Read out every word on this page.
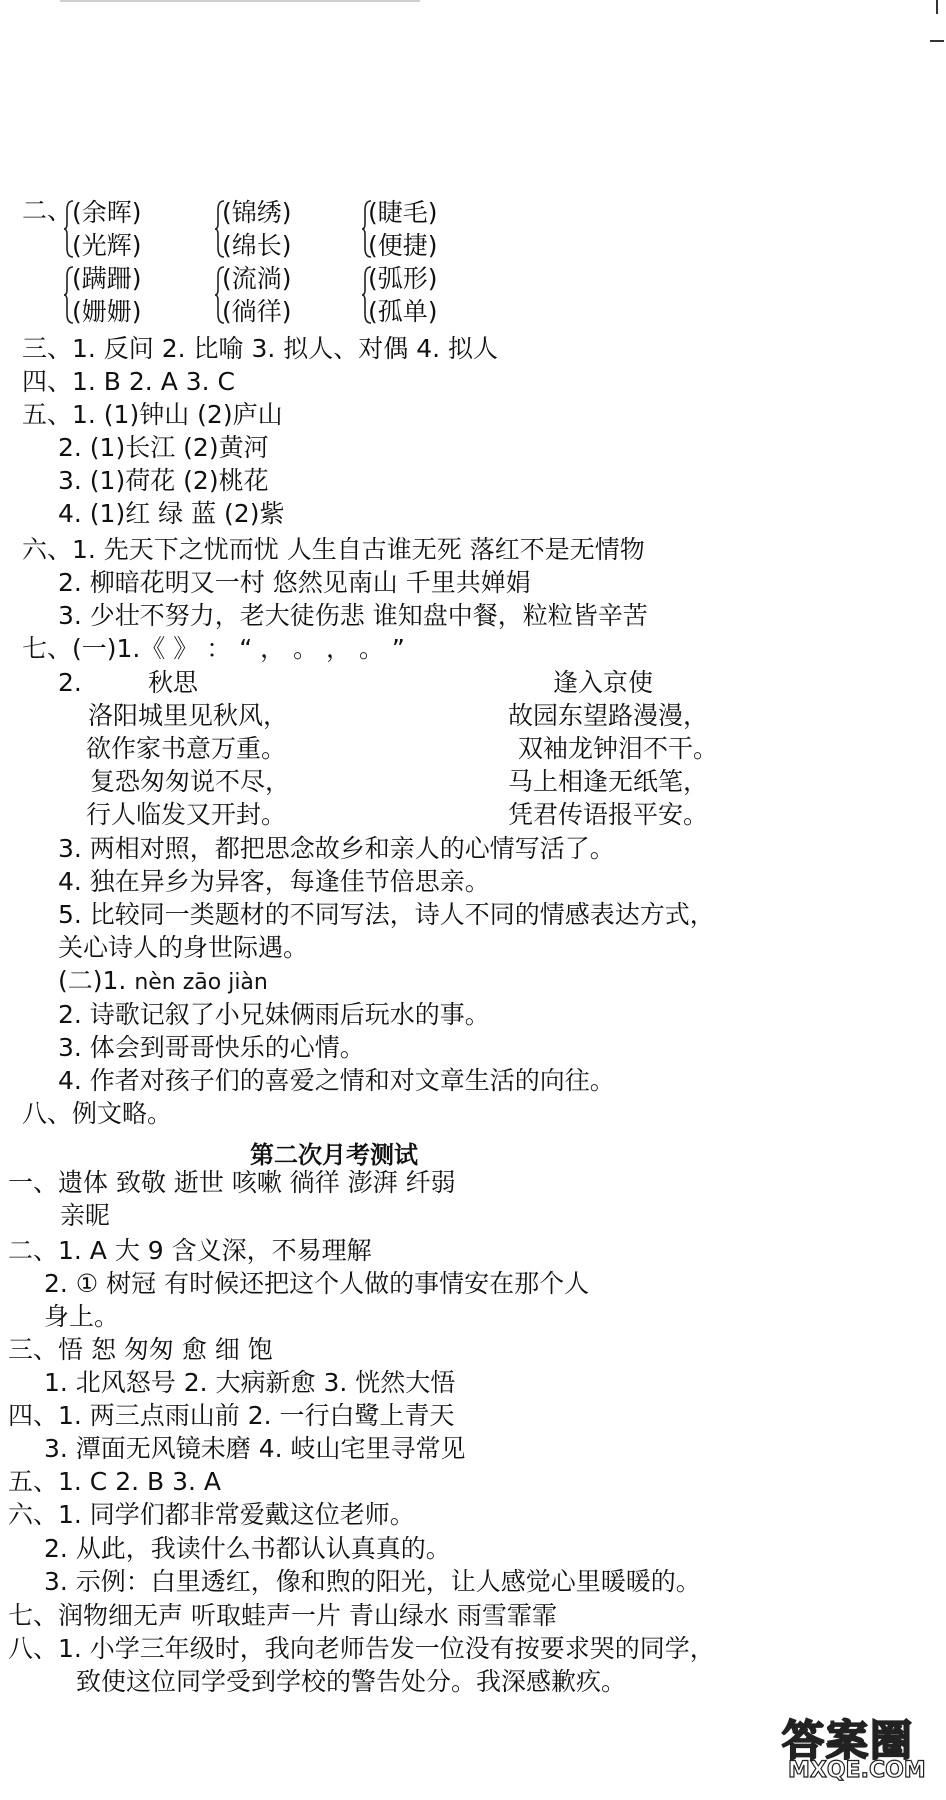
二、 (余晖)
(光辉)
(锦绣)
(绵长)
(睫毛)
(便捷)
(蹒跚)
(姗姗)
(流淌)
(徜徉)
(弧形)
(孤单)
三、1. 反问 2. 比喻 3. 拟人、对偶 4. 拟人
四、1. B 2. A 3. C
五、1. (1)钟山 (2)庐山
2. (1)长江 (2)黄河
3. (1)荷花 (2)桃花
4. (1)红 绿 蓝 (2)紫
六、1. 先天下之忧而忧 人生自古谁无死 落红不是无情物
2. 柳暗花明又一村 悠然见南山 千里共婵娟
3. 少壮不努力，老大徒伤悲 谁知盘中餐，粒粒皆辛苦
七、(一)1.《 》 ： “ ， 。 ， 。 ”
2.	秋思	逢入京使
洛阳城里见秋风，
欲作家书意万重。
复恐匆匆说不尽，
行人临发又开封。
故园东望路漫漫，
双袖龙钟泪不干。
马上相逢无纸笔，
凭君传语报平安。
3. 两相对照，都把思念故乡和亲人的心情写活了。
4. 独在异乡为异客，每逢佳节倍思亲。
5. 比较同一类题材的不同写法，诗人不同的情感表达方式，
关心诗人的身世际遇。
(二)1. nèn zāo jiàn
2. 诗歌记叙了小兄妹俩雨后玩水的事。
3. 体会到哥哥快乐的心情。
4. 作者对孩子们的喜爱之情和对文章生活的向往。
八、例文略。
第二次月考测试
一、遗体 致敬 逝世 咳嗽 徜徉 澎湃 纤弱
亲昵
二、1. A 大 9 含义深，不易理解
2. ① 树冠 有时候还把这个人做的事情安在那个人
身上。
三、悟 恕 匆匆 愈 细 饱
1. 北风怒号 2. 大病新愈 3. 恍然大悟
四、1. 两三点雨山前 2. 一行白鹭上青天
3. 潭面无风镜未磨 4. 岐山宅里寻常见
五、1. C 2. B 3. A
六、1. 同学们都非常爱戴这位老师。
2. 从此，我读什么书都认认真真的。
3. 示例：白里透红，像和煦的阳光，让人感觉心里暖暖的。
七、润物细无声 听取蛙声一片 青山绿水 雨雪霏霏
八、1. 小学三年级时，我向老师告发一位没有按要求哭的同学，
致使这位同学受到学校的警告处分。我深感歉疚。
答案圈
MXQE.COM
